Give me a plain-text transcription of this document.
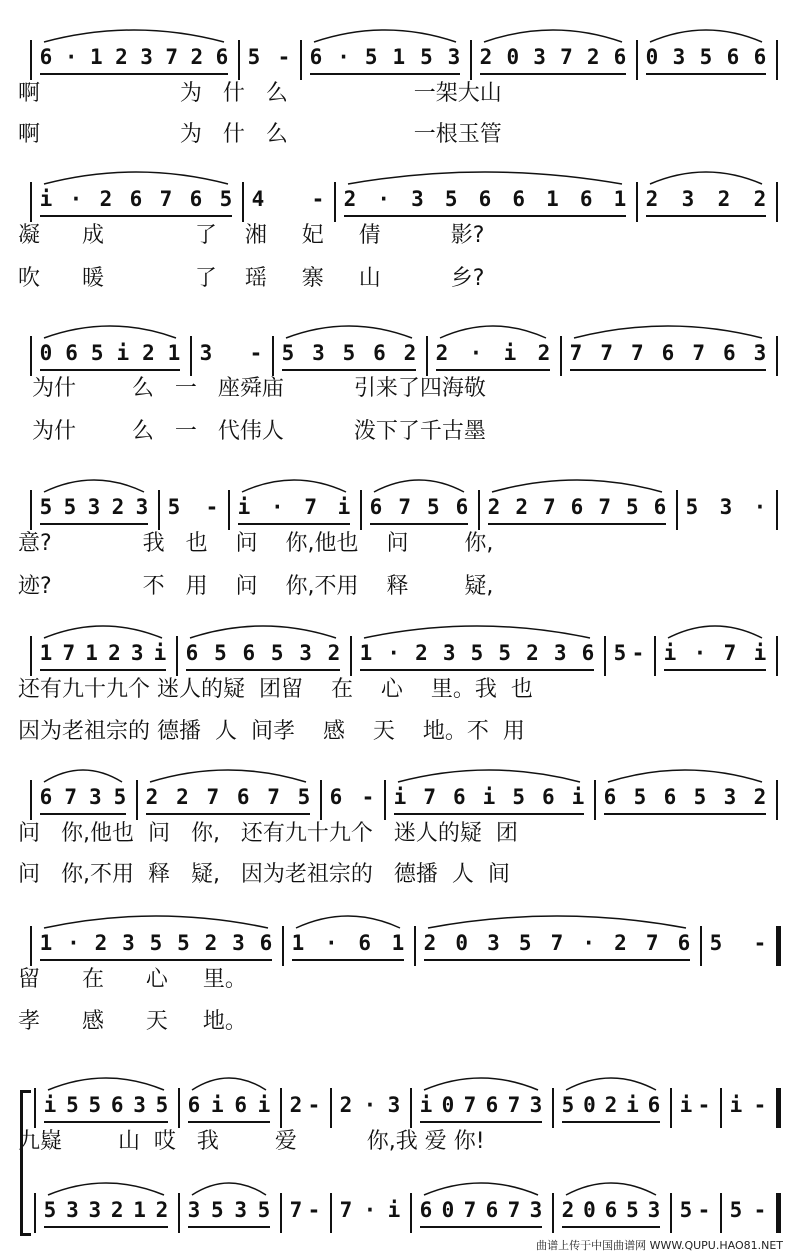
6 · 1 2 3 7 2 6 5 - 6 · 5 1 5 3 2 0 3 7 2 6 0 3 5 6 6
啊                    为   什   么                  一架大山
啊                    为   什   么                  一根玉管
i · 2 6 7 6 5 4 - 2 · 3 5 6 6 1 6 1 2 3 2 2
凝      成             了    湘     妃     倩          影?
吹      暖             了    瑶     寨     山          乡?
0 6 5 i 2 1 3 - 5 3 5 6 2 2 · i 2 7 7 7 6 7 6 3
为什        么   一   座舜庙          引来了四海敬
为什        么   一   代伟人          泼下了千古墨
5 5 3 2 3 5 - i · 7 i 6 7 5 6 2 2 7 6 7 5 6 5 3 ·
意?             我   也    问    你,他也    问        你,
迹?             不   用    问    你,不用    释        疑,
1 7 1 2 3 i 6 5 6 5 3 2 1 · 2 3 5 5 2 3 6 5 - i · 7 i
还有九十九个 迷人的疑  团留    在    心    里。我  也
因为老祖宗的 德播  人  间孝    感    天    地。不  用
6 7 3 5 2 2 7 6 7 5 6 - i 7 6 i 5 6 i 6 5 6 5 3 2
问   你,他也  问   你,   还有九十九个   迷人的疑  团
问   你,不用  释   疑,   因为老祖宗的   德播  人  间
1 · 2 3 5 5 2 3 6 1 · 6 1 2 0 3 5 7 · 2 7 6 5 -
留      在      心     里。
孝      感      天     地。
i 5 5 6 3 5 6 i 6 i 2 - 2 · 3 i 0 7 6 7 3 5 0 2 i 6 i - i -
九嶷        山  哎   我        爱          你,我 爱 你!
5 3 3 2 1 2 3 5 3 5 7 - 7 · i 6 0 7 6 7 3 2 0 6 5 3 5 - 5 -
曲谱上传于中国曲谱网 WWW.QUPU.HAO81.NET
